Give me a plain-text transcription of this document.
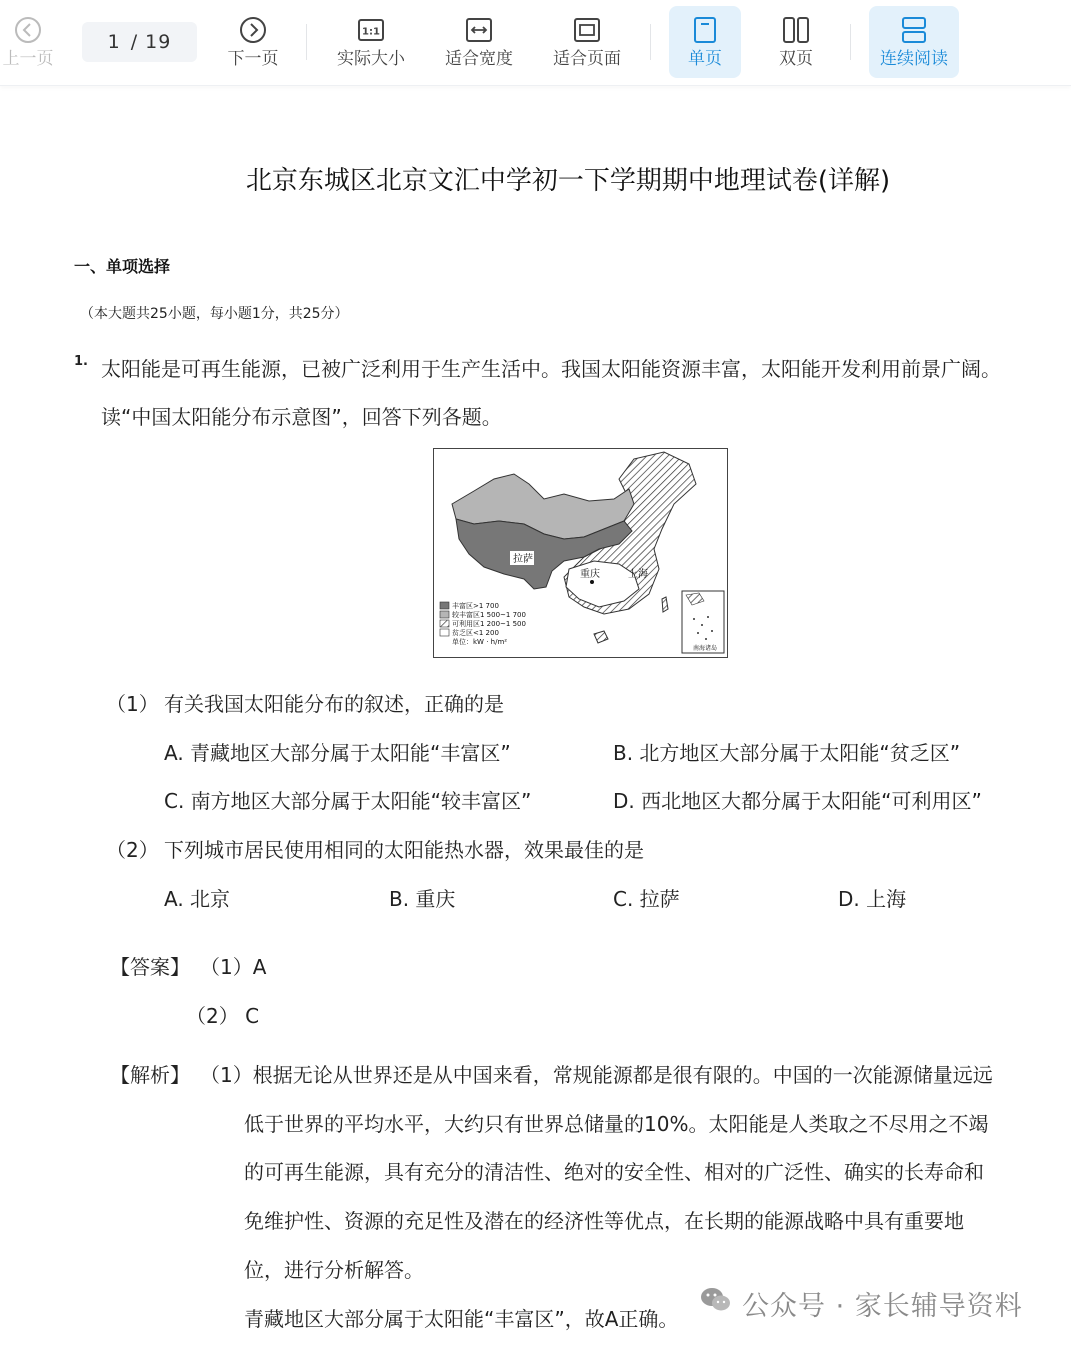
上一页
1 / 19
下一页
1:1
实际大小 适合宽度 适合页面	单页	双页	连续阅读
北京东城区北京文汇中学初一下学期期中地理试卷(详解)
一、单项选择
（本大题共25小题，每小题1分，共25分）
1. 太阳能是可再生能源，已被广泛利用于生产生活中。我国太阳能资源丰富，太阳能开发利用前景广阔。
读“中国太阳能分布示意图”，回答下列各题。
拉萨
重庆	上海
丰富区>1 700
较丰富区1 500~1 700
可利用区1 200~1 500
贫乏区<1 200
单位：kW · h/m²
南海诸岛
（1） 有关我国太阳能分布的叙述，正确的是
A. 青藏地区大部分属于太阳能“丰富区”	B. 北方地区大部分属于太阳能“贫乏区”
C. 南方地区大部分属于太阳能“较丰富区”	D. 西北地区大都分属于太阳能“可利用区”
（2） 下列城市居民使用相同的太阳能热水器，效果最佳的是
A. 北京	B. 重庆	C. 拉萨	D. 上海
【答案】 （1）A
（2） C
【解析】 （1）根据无论从世界还是从中国来看，常规能源都是很有限的。中国的一次能源储量远远
低于世界的平均水平，大约只有世界总储量的10%。太阳能是人类取之不尽用之不竭
的可再生能源，具有充分的清洁性、绝对的安全性、相对的广泛性、确实的长寿命和
免维护性、资源的充足性及潜在的经济性等优点，在长期的能源战略中具有重要地
位，进行分析解答。
青藏地区大部分属于太阳能“丰富区”，故A正确。 公众号 · 家长辅导资料
